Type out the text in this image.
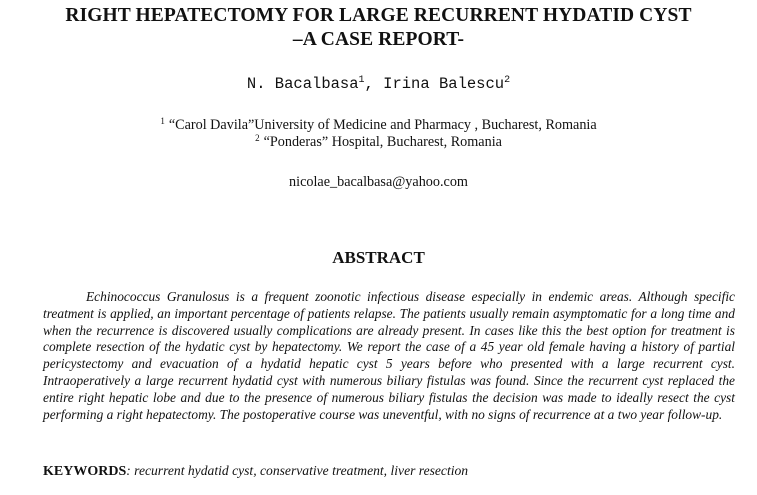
RIGHT HEPATECTOMY FOR LARGE RECURRENT HYDATID CYST
–A CASE REPORT-
N. Bacalbasa$^1$, Irina Balescu$^2$
$^1$ “Carol Davila”University of Medicine and Pharmacy , Bucharest, Romania
$^2$ “Ponderas” Hospital, Bucharest, Romania
nicolae_bacalbasa@yahoo.com
ABSTRACT

Echinococcus Granulosus is a frequent zoonotic infectious disease especially in endemic areas. Although specific treatment is applied, an important percentage of patients relapse. The patients usually remain asymptomatic for a long time and when the recurrence is discovered usually complications are already present. In cases like this the best option for treatment is complete resection of the hydatic cyst by hepatectomy. We report the case of a 45 year old female having a history of partial pericystectomy and evacuation of a hydatid hepatic cyst 5 years before who presented with a large recurrent cyst. Intraoperatively a large recurrent hydatid cyst with numerous biliary fistulas was found. Since the recurrent cyst replaced the entire right hepatic lobe and due to the presence of numerous biliary fistulas the decision was made to ideally resect the cyst performing a right hepatectomy. The postoperative course was uneventful, with no signs of recurrence at a two year follow-up.

KEYWORDS: recurrent hydatid cyst, conservative treatment, liver resection
